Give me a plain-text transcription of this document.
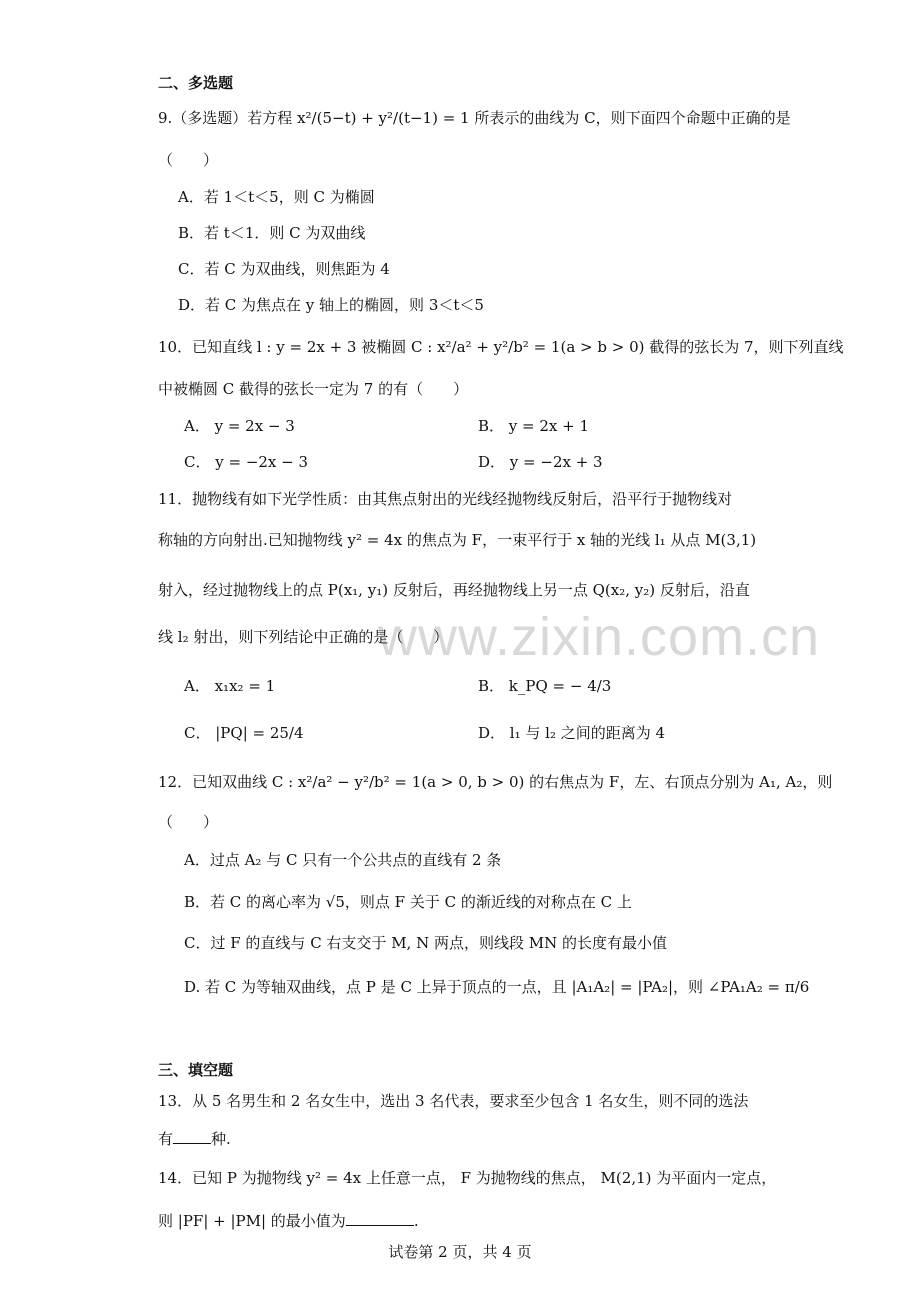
www.zixin.com.cn
二、多选题
9.（多选题）若方程 x²/(5−t) + y²/(t−1) = 1 所表示的曲线为 C，则下面四个命题中正确的是
（　　）
A．若 1＜t＜5，则 C 为椭圆
B．若 t＜1．则 C 为双曲线
C．若 C 为双曲线，则焦距为 4
D．若 C 为焦点在 y 轴上的椭圆，则 3＜t＜5
10．已知直线 l : y = 2x + 3 被椭圆 C : x²/a² + y²/b² = 1(a > b > 0) 截得的弦长为 7，则下列直线
中被椭圆 C 截得的弦长一定为 7 的有（　　）
A． y = 2x − 3	B． y = 2x + 1
C． y = −2x − 3	D． y = −2x + 3
11．抛物线有如下光学性质：由其焦点射出的光线经抛物线反射后，沿平行于抛物线对
称轴的方向射出.已知抛物线 y² = 4x 的焦点为 F，一束平行于 x 轴的光线 l₁ 从点 M(3,1)
射入，经过抛物线上的点 P(x₁, y₁) 反射后，再经抛物线上另一点 Q(x₂, y₂) 反射后，沿直
线 l₂ 射出，则下列结论中正确的是（　　）
A． x₁x₂ = 1	B． k_PQ = − 4/3
C． |PQ| = 25/4	D． l₁ 与 l₂ 之间的距离为 4
12．已知双曲线 C : x²/a² − y²/b² = 1(a > 0, b > 0) 的右焦点为 F，左、右顶点分别为 A₁, A₂，则
（　　）
A．过点 A₂ 与 C 只有一个公共点的直线有 2 条
B．若 C 的离心率为 √5，则点 F 关于 C 的渐近线的对称点在 C 上
C．过 F 的直线与 C 右支交于 M, N 两点，则线段 MN 的长度有最小值
D. 若 C 为等轴双曲线，点 P 是 C 上异于顶点的一点，且 |A₁A₂| = |PA₂|，则 ∠PA₁A₂ = π/6
三、填空题
13．从 5 名男生和 2 名女生中，选出 3 名代表，要求至少包含 1 名女生，则不同的选法
有	种.
14．已知 P 为抛物线 y² = 4x 上任意一点， F 为抛物线的焦点， M(2,1) 为平面内一定点，
则 |PF| + |PM| 的最小值为	.
试卷第 2 页，共 4 页
